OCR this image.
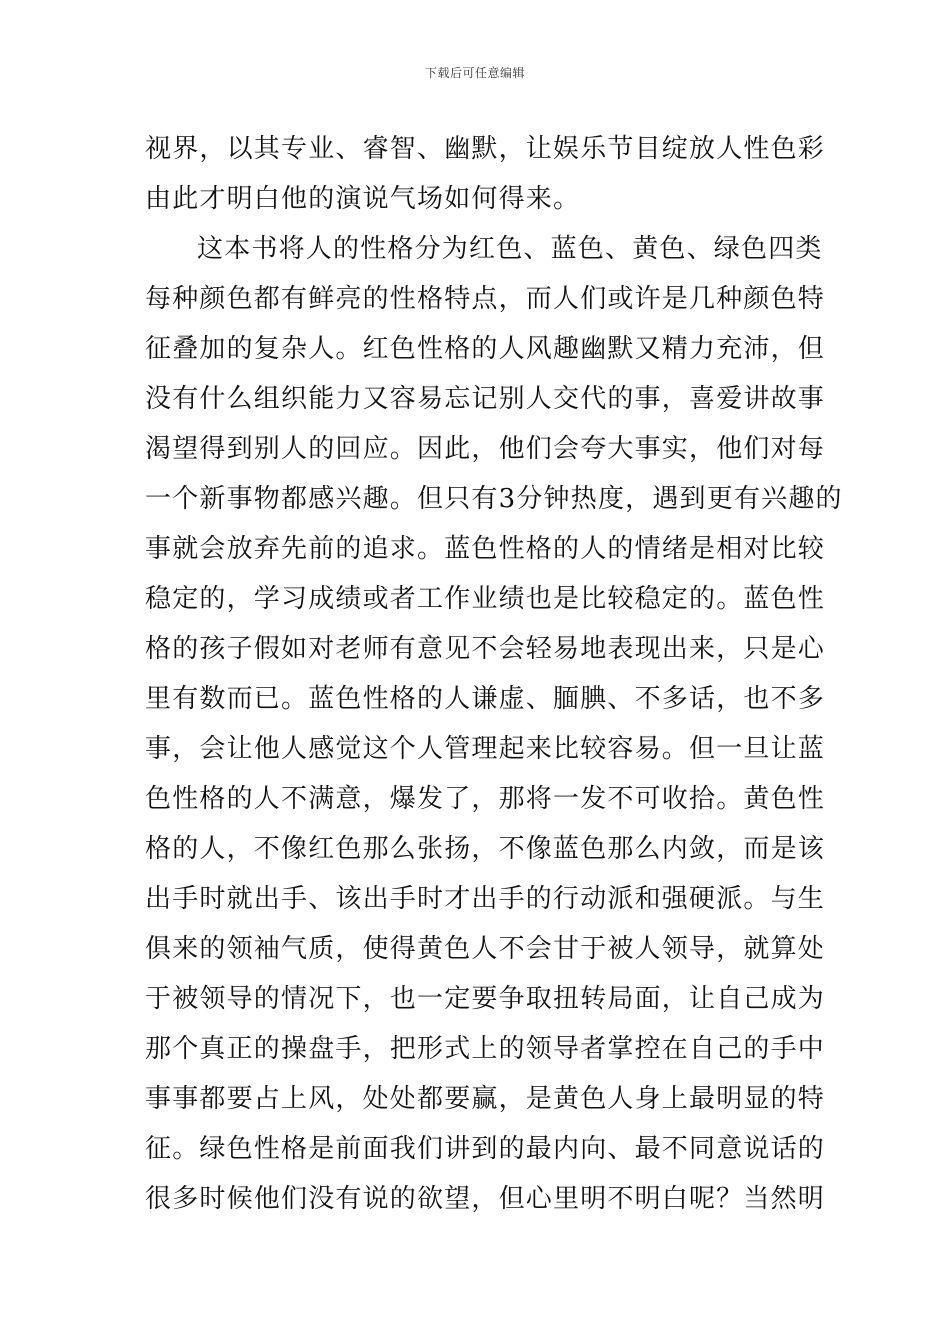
下载后可任意编辑
视界，以其专业、睿智、幽默，让娱乐节目绽放人性色彩
由此才明白他的演说气场如何得来。
这本书将人的性格分为红色、蓝色、黄色、绿色四类
每种颜色都有鲜亮的性格特点，而人们或许是几种颜色特
征叠加的复杂人。红色性格的人风趣幽默又精力充沛，但
没有什么组织能力又容易忘记别人交代的事，喜爱讲故事
渴望得到别人的回应。因此，他们会夸大事实，他们对每
一个新事物都感兴趣。但只有3分钟热度，遇到更有兴趣的
事就会放弃先前的追求。蓝色性格的人的情绪是相对比较
稳定的，学习成绩或者工作业绩也是比较稳定的。蓝色性
格的孩子假如对老师有意见不会轻易地表现出来，只是心
里有数而已。蓝色性格的人谦虚、腼腆、不多话，也不多
事，会让他人感觉这个人管理起来比较容易。但一旦让蓝
色性格的人不满意，爆发了，那将一发不可收拾。黄色性
格的人，不像红色那么张扬，不像蓝色那么内敛，而是该
出手时就出手、该出手时才出手的行动派和强硬派。与生
俱来的领袖气质，使得黄色人不会甘于被人领导，就算处
于被领导的情况下，也一定要争取扭转局面，让自己成为
那个真正的操盘手，把形式上的领导者掌控在自己的手中
事事都要占上风，处处都要赢，是黄色人身上最明显的特
征。绿色性格是前面我们讲到的最内向、最不同意说话的
很多时候他们没有说的欲望，但心里明不明白呢？当然明
